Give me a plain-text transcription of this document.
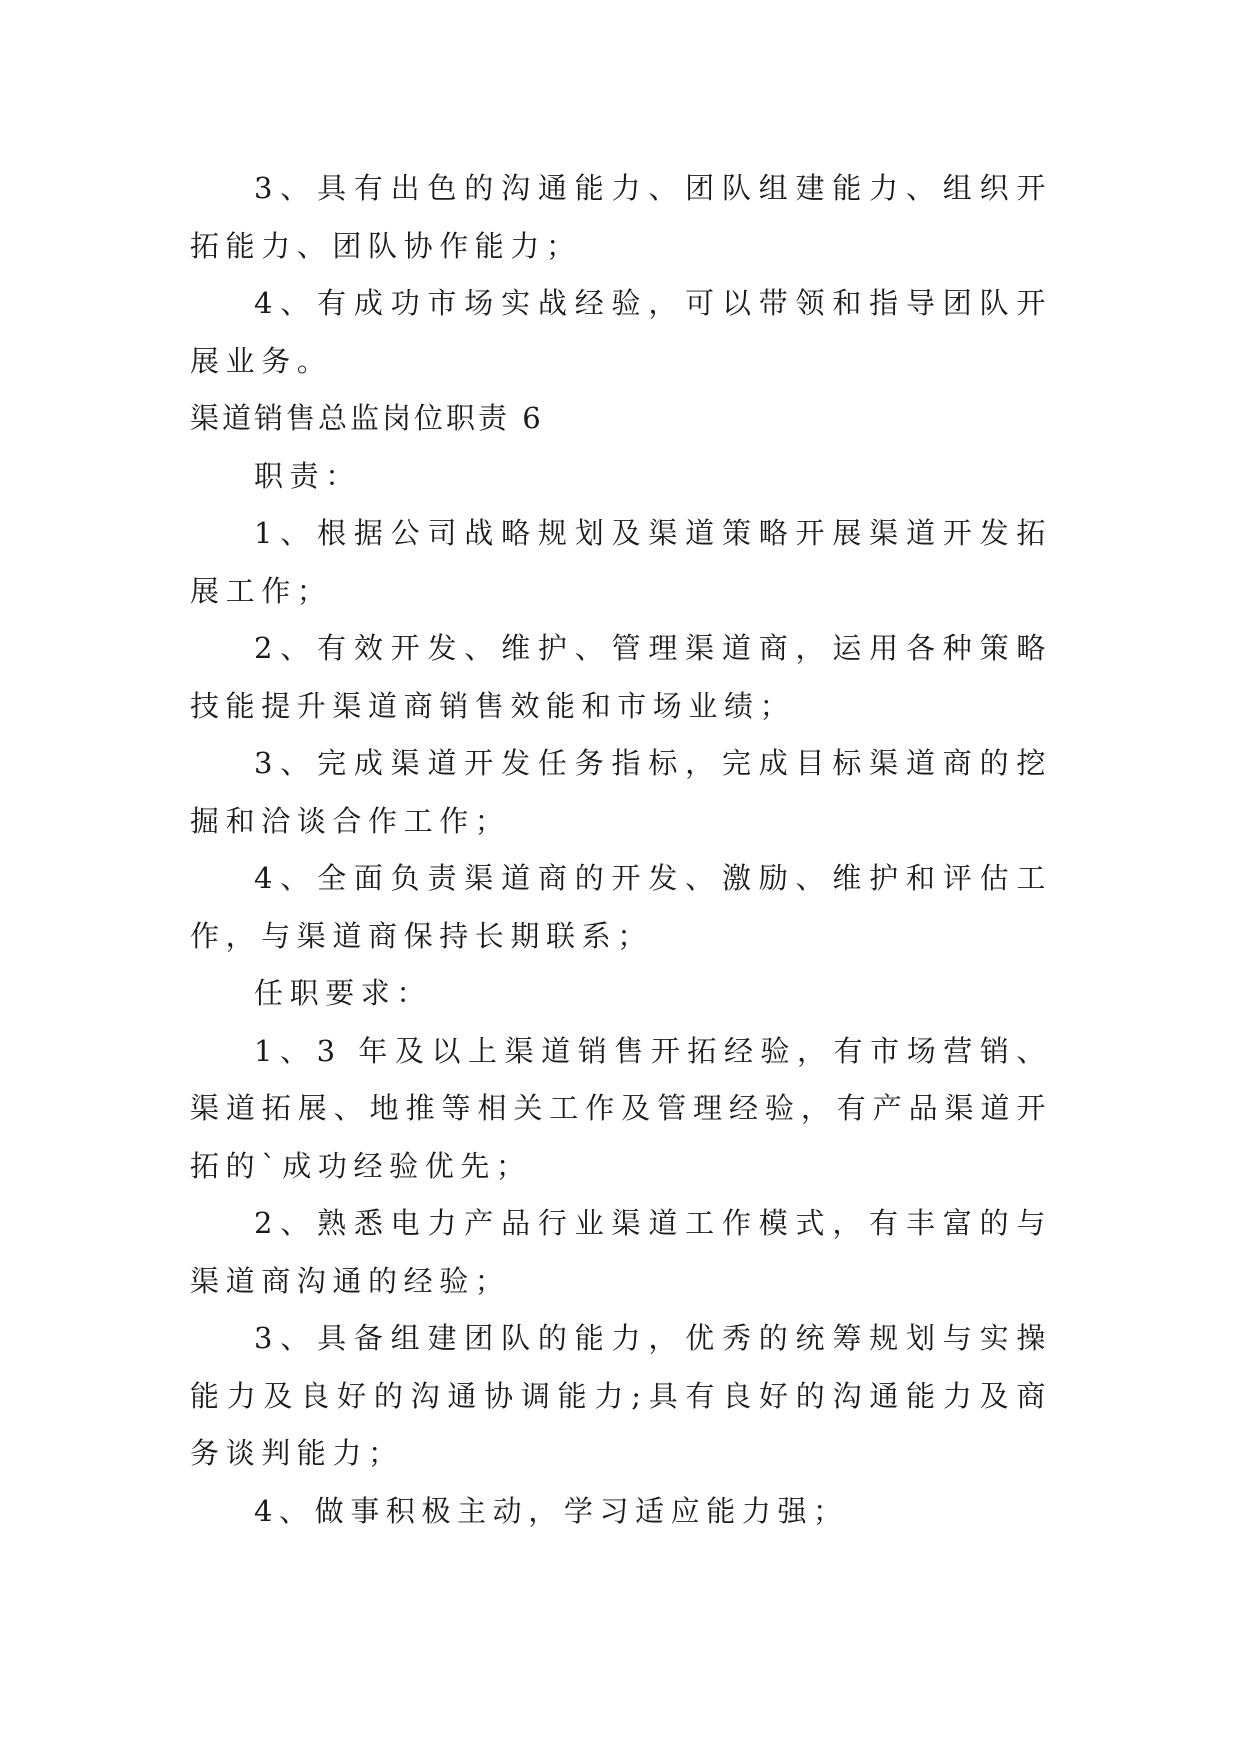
3、具有出色的沟通能力、团队组建能力、组织开拓能力、团队协作能力；

4、有成功市场实战经验，可以带领和指导团队开展业务。

渠道销售总监岗位职责 6

职责：

1、根据公司战略规划及渠道策略开展渠道开发拓展工作；

2、有效开发、维护、管理渠道商，运用各种策略技能提升渠道商销售效能和市场业绩；

3、完成渠道开发任务指标，完成目标渠道商的挖掘和洽谈合作工作；

4、全面负责渠道商的开发、激励、维护和评估工作，与渠道商保持长期联系；

任职要求：

1、3 年及以上渠道销售开拓经验，有市场营销、渠道拓展、地推等相关工作及管理经验，有产品渠道开拓的`成功经验优先；

2、熟悉电力产品行业渠道工作模式，有丰富的与渠道商沟通的经验；

3、具备组建团队的能力，优秀的统筹规划与实操能力及良好的沟通协调能力;具有良好的沟通能力及商务谈判能力；

4、做事积极主动，学习适应能力强；
